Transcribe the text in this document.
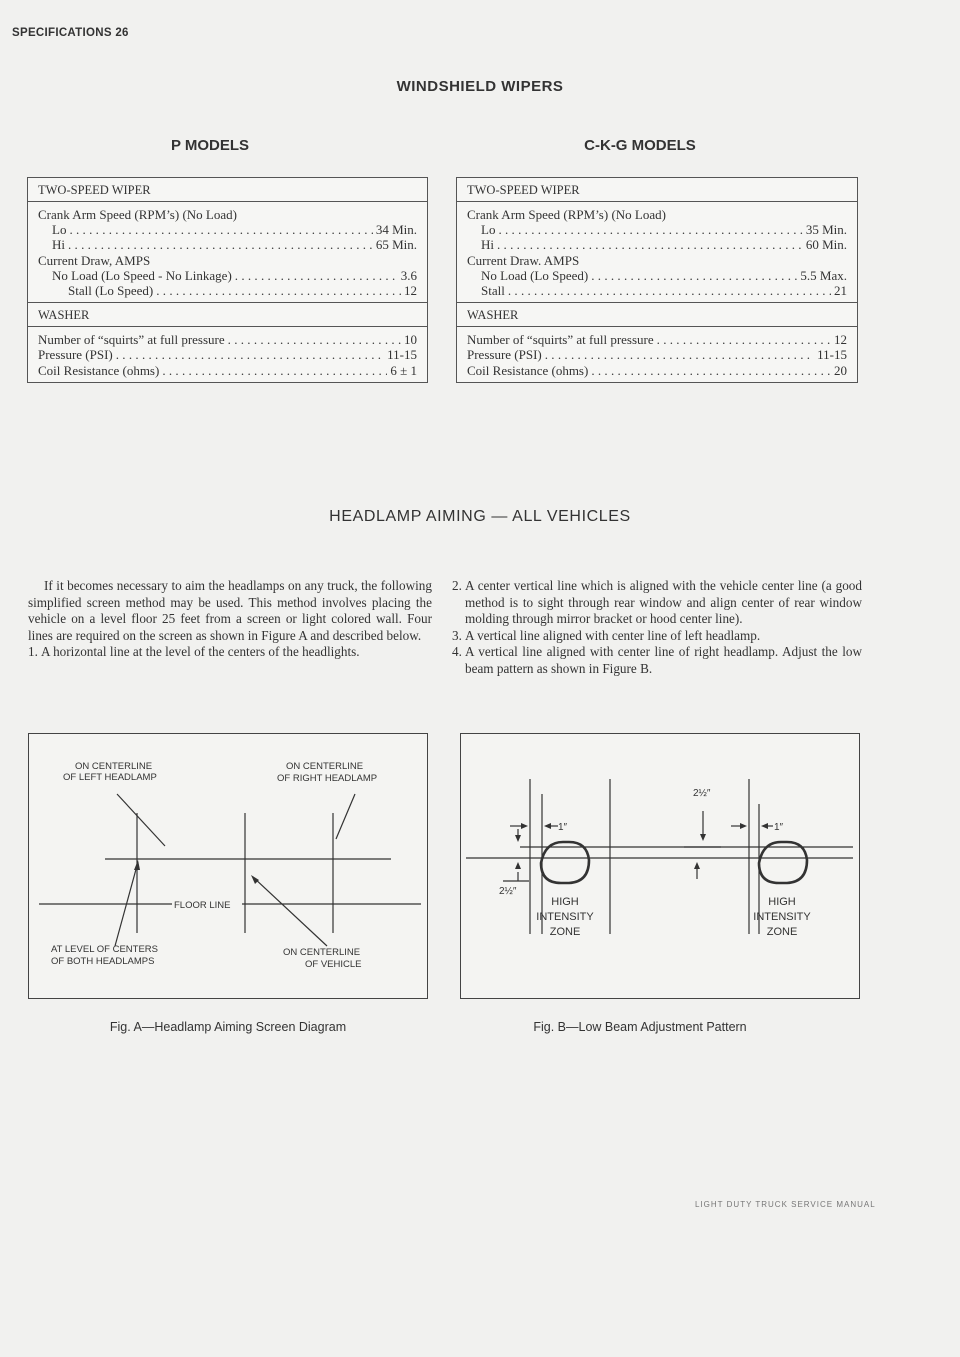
SPECIFICATIONS 26
WINDSHIELD WIPERS
P MODELS	C-K-G MODELS
TWO-SPEED WIPER
Crank Arm Speed (RPM’s) (No Load)
Lo .....	34 Min.
Hi .....	65 Min.
Current Draw, AMPS
No Load (Lo Speed - No Linkage) .....	3.6
Stall (Lo Speed) .....	12
WASHER
Number of “squirts” at full pressure .....	10
Pressure (PSI) .....	11-15
Coil Resistance (ohms) .....	6 ± 1
TWO-SPEED WIPER
Crank Arm Speed (RPM’s) (No Load)
Lo .....	35 Min.
Hi .....	60 Min.
Current Draw. AMPS
No Load (Lo Speed) .....	5.5 Max.
Stall .....	21
WASHER
Number of “squirts” at full pressure .....	12
Pressure (PSI) .....	11-15
Coil Resistance (ohms) .....	20
HEADLAMP AIMING — ALL VEHICLES

If it becomes necessary to aim the headlamps on any truck, the following simplified screen method may be used. This method involves placing the vehicle on a level floor 25 feet from a screen or light colored wall. Four lines are required on the screen as shown in Figure A and described below.

1. A horizontal line at the level of the centers of the headlights.
2. A center vertical line which is aligned with the vehicle center line (a good method is to sight through rear window and align center of rear window molding through mirror bracket or hood center line).
3. A vertical line aligned with center line of left headlamp.
4. A vertical line aligned with center line of right headlamp. Adjust the low beam pattern as shown in Figure B.
ON CENTERLINE
OF LEFT HEADLAMP
ON CENTERLINE
OF RIGHT HEADLAMP
FLOOR LINE
AT LEVEL OF CENTERS
OF BOTH HEADLAMPS
ON CENTERLINE
OF VEHICLE
Fig. A—Headlamp Aiming Screen Diagram
1″
2½″
1″
2½″
HIGH
INTENSITY
ZONE
HIGH
INTENSITY
ZONE
Fig. B—Low Beam Adjustment Pattern
LIGHT DUTY TRUCK SERVICE MANUAL
